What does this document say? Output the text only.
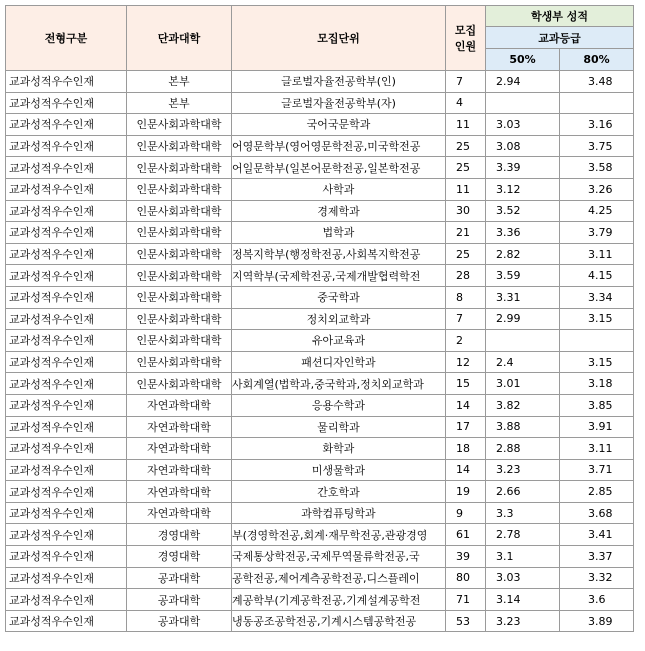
전형구분	단과대학	모집단위	모집
인원	학생부 성적	
				교과등급	
				50%	80%
교과성적우수인재	본부	글로벌자율전공학부(인)	7	2.94	3.48
교과성적우수인재	본부	글로벌자율전공학부(자)	4		
교과성적우수인재	인문사회과학대학	국어국문학과	11	3.03	3.16
교과성적우수인재	인문사회과학대학	어영문학부(영어영문학전공,미국학전공	25	3.08	3.75
교과성적우수인재	인문사회과학대학	어일문학부(일본어문학전공,일본학전공	25	3.39	3.58
교과성적우수인재	인문사회과학대학	사학과	11	3.12	3.26
교과성적우수인재	인문사회과학대학	경제학과	30	3.52	4.25
교과성적우수인재	인문사회과학대학	법학과	21	3.36	3.79
교과성적우수인재	인문사회과학대학	정복지학부(행정학전공,사회복지학전공	25	2.82	3.11
교과성적우수인재	인문사회과학대학	지역학부(국제학전공,국제개발협력학전	28	3.59	4.15
교과성적우수인재	인문사회과학대학	중국학과	8	3.31	3.34
교과성적우수인재	인문사회과학대학	정치외교학과	7	2.99	3.15
교과성적우수인재	인문사회과학대학	유아교육과	2		
교과성적우수인재	인문사회과학대학	패션디자인학과	12	2.4	3.15
교과성적우수인재	인문사회과학대학	사회계열(법학과,중국학과,정치외교학과	15	3.01	3.18
교과성적우수인재	자연과학대학	응용수학과	14	3.82	3.85
교과성적우수인재	자연과학대학	물리학과	17	3.88	3.91
교과성적우수인재	자연과학대학	화학과	18	2.88	3.11
교과성적우수인재	자연과학대학	미생물학과	14	3.23	3.71
교과성적우수인재	자연과학대학	간호학과	19	2.66	2.85
교과성적우수인재	자연과학대학	과학컴퓨팅학과	9	3.3	3.68
교과성적우수인재	경영대학	부(경영학전공,회계·재무학전공,관광경영	61	2.78	3.41
교과성적우수인재	경영대학	국제통상학전공,국제무역물류학전공,국	39	3.1	3.37
교과성적우수인재	공과대학	공학전공,제어계측공학전공,디스플레이	80	3.03	3.32
교과성적우수인재	공과대학	계공학부(기계공학전공,기계설계공학전	71	3.14	3.6
교과성적우수인재	공과대학	냉동공조공학전공,기계시스템공학전공	53	3.23	3.89
